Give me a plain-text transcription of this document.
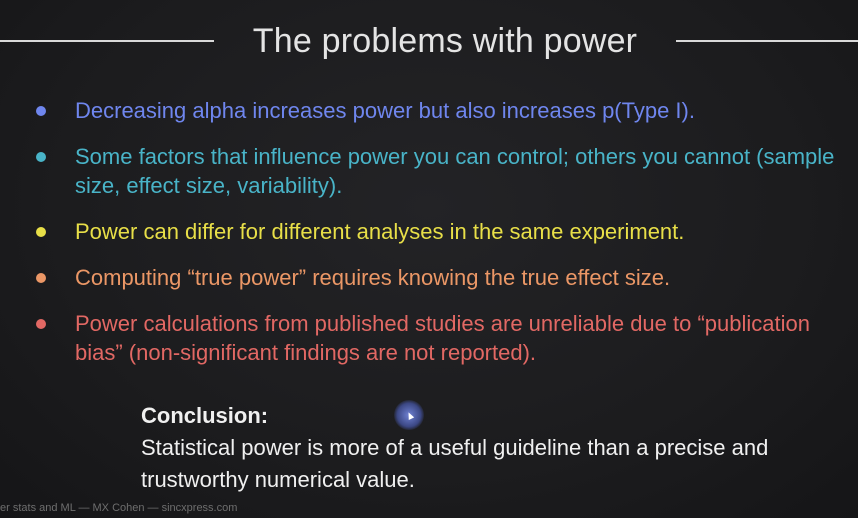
The problems with power
Decreasing alpha increases power but also increases p(Type I).
Some factors that influence power you can control; others you cannot (sample size, effect size, variability).
Power can differ for different analyses in the same experiment.
Computing “true power” requires knowing the true effect size.
Power calculations from published studies are unreliable due to “publication bias” (non-significant findings are not reported).
Conclusion:
Statistical power is more of a useful guideline than a precise and trustworthy numerical value.
er stats and ML — MX Cohen — sincxpress.com
